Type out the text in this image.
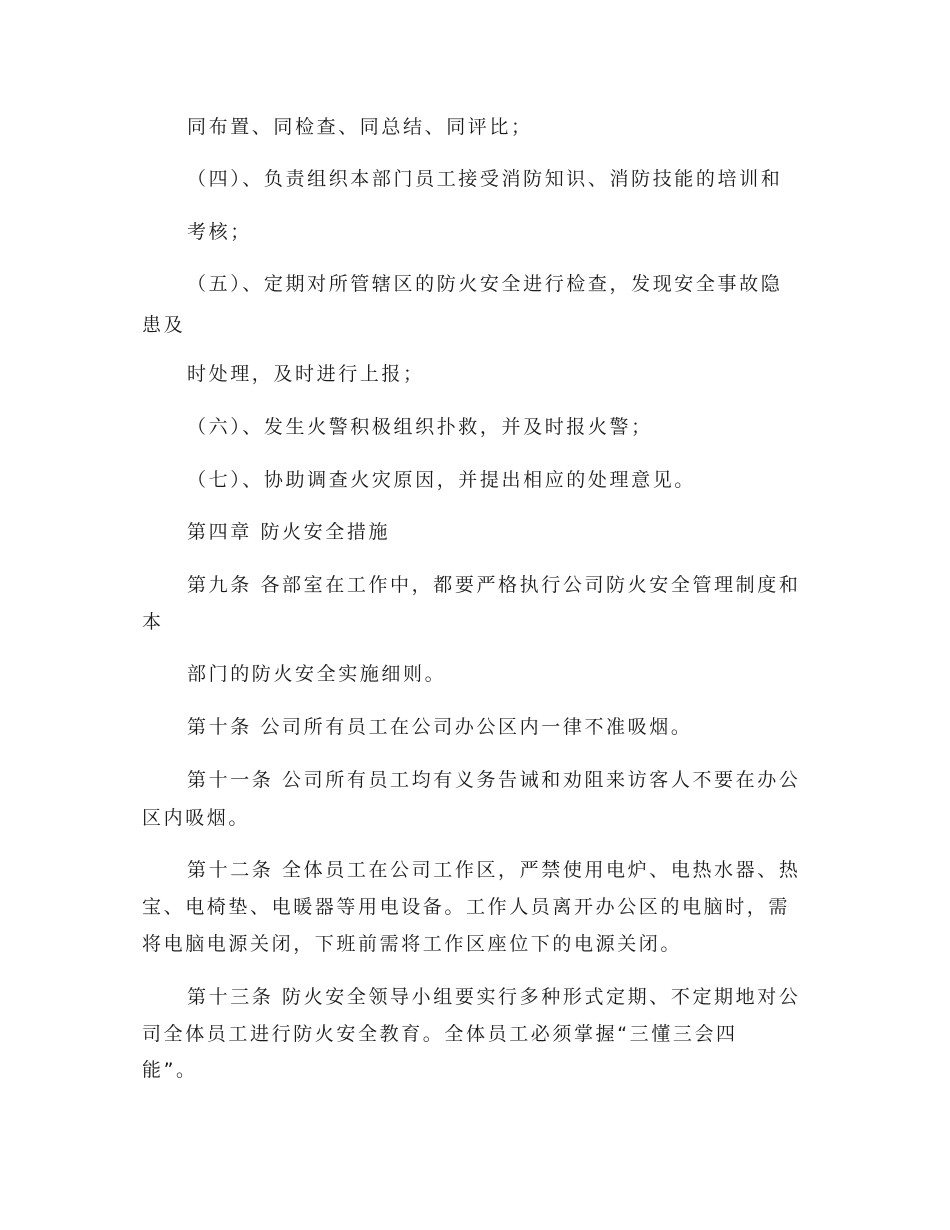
同布置、同检查、同总结、同评比；
（四）、负责组织本部门员工接受消防知识、消防技能的培训和
考核；
（五）、定期对所管辖区的防火安全进行检查，发现安全事故隐
患及
时处理，及时进行上报；
（六）、发生火警积极组织扑救，并及时报火警；
（七）、协助调查火灾原因，并提出相应的处理意见。
第四章 防火安全措施
第九条 各部室在工作中，都要严格执行公司防火安全管理制度和
本
部门的防火安全实施细则。
第十条 公司所有员工在公司办公区内一律不准吸烟。
第十一条 公司所有员工均有义务告诫和劝阻来访客人不要在办公
区内吸烟。
第十二条 全体员工在公司工作区，严禁使用电炉、电热水器、热
宝、电椅垫、电暖器等用电设备。工作人员离开办公区的电脑时，需
将电脑电源关闭，下班前需将工作区座位下的电源关闭。
第十三条 防火安全领导小组要实行多种形式定期、不定期地对公
司全体员工进行防火安全教育。全体员工必须掌握“三懂三会四
能”。
